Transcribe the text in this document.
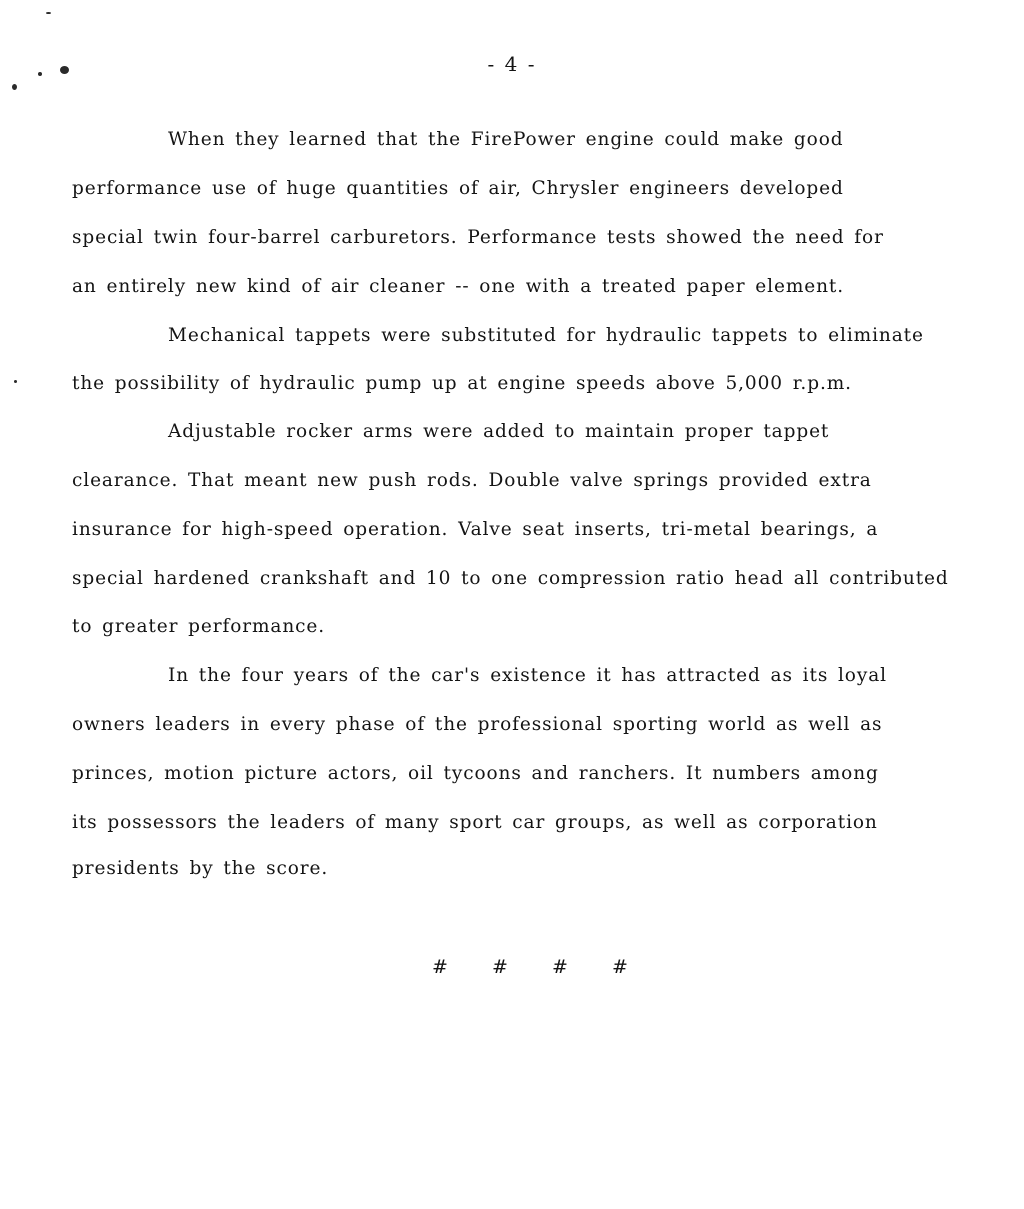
- 4 -
When they learned that the FirePower engine could make good
performance use of huge quantities of air, Chrysler engineers developed
special twin four-barrel carburetors. Performance tests showed the need for
an entirely new kind of air cleaner -- one with a treated paper element.
Mechanical tappets were substituted for hydraulic tappets to eliminate
the possibility of hydraulic pump up at engine speeds above 5,000 r.p.m.
Adjustable rocker arms were added to maintain proper tappet
clearance. That meant new push rods. Double valve springs provided extra
insurance for high-speed operation. Valve seat inserts, tri-metal bearings, a
special hardened crankshaft and 10 to one compression ratio head all contributed
to greater performance.
In the four years of the car's existence it has attracted as its loyal
owners leaders in every phase of the professional sporting world as well as
princes, motion picture actors, oil tycoons and ranchers. It numbers among
its possessors the leaders of many sport car groups, as well as corporation
presidents by the score.
# # # #
